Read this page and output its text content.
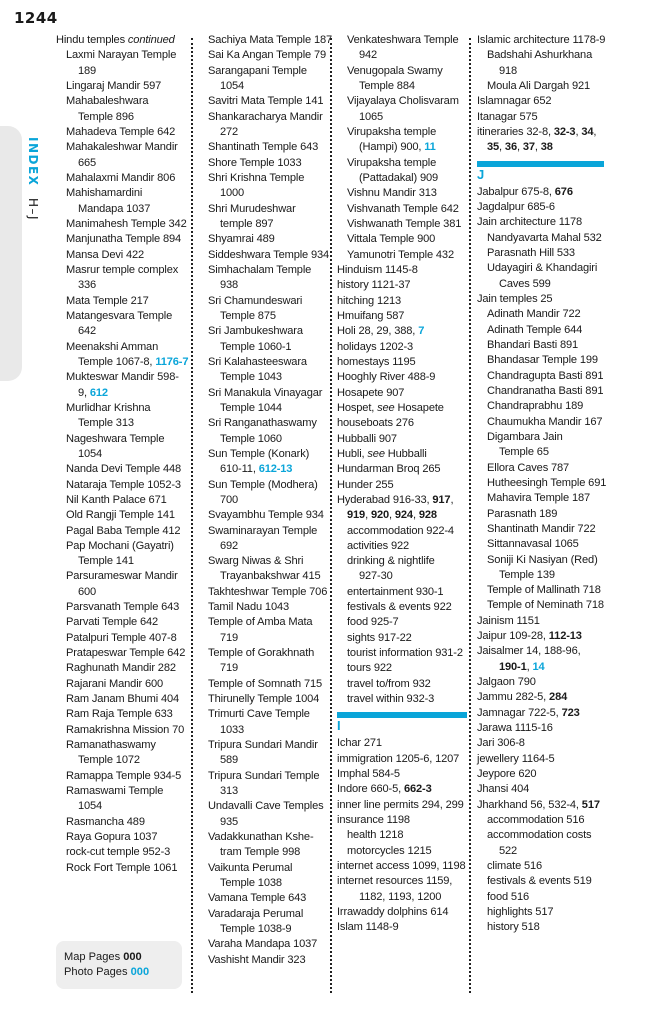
1244
INDEX H–J
Hindu temples continued
Laxmi Narayan Temple
189
Lingaraj Mandir 597
Mahabaleshwara
Temple 896
Mahadeva Temple 642
Mahakaleshwar Mandir
665
Mahalaxmi Mandir 806
Mahishamardini
Mandapa 1037
Manimahesh Temple 342
Manjunatha Temple 894
Mansa Devi 422
Masrur temple complex
336
Mata Temple 217
Matangesvara Temple
642
Meenakshi Amman
Temple 1067-8, 1176-7
Mukteswar Mandir 598-
9, 612
Murlidhar Krishna
Temple 313
Nageshwara Temple
1054
Nanda Devi Temple 448
Nataraja Temple 1052-3
Nil Kanth Palace 671
Old Rangji Temple 141
Pagal Baba Temple 412
Pap Mochani (Gayatri)
Temple 141
Parsurameswar Mandir
600
Parsvanath Temple 643
Parvati Temple 642
Patalpuri Temple 407-8
Pratapeswar Temple 642
Raghunath Mandir 282
Rajarani Mandir 600
Ram Janam Bhumi 404
Ram Raja Temple 633
Ramakrishna Mission 70
Ramanathaswamy
Temple 1072
Ramappa Temple 934-5
Ramaswami Temple
1054
Rasmancha 489
Raya Gopura 1037
rock-cut temple 952-3
Rock Fort Temple 1061
Sachiya Mata Temple 187
Sai Ka Angan Temple 79
Sarangapani Temple
1054
Savitri Mata Temple 141
Shankaracharya Mandir
272
Shantinath Temple 643
Shore Temple 1033
Shri Krishna Temple
1000
Shri Murudeshwar
temple 897
Shyamrai 489
Siddeshwara Temple 934
Simhachalam Temple
938
Sri Chamundeswari
Temple 875
Sri Jambukeshwara
Temple 1060-1
Sri Kalahasteeswara
Temple 1043
Sri Manakula Vinayagar
Temple 1044
Sri Ranganathaswamy
Temple 1060
Sun Temple (Konark)
610-11, 612-13
Sun Temple (Modhera)
700
Svayambhu Temple 934
Swaminarayan Temple
692
Swarg Niwas & Shri
Trayanbakshwar 415
Takhteshwar Temple 706
Tamil Nadu 1043
Temple of Amba Mata
719
Temple of Gorakhnath
719
Temple of Somnath 715
Thirunelly Temple 1004
Trimurti Cave Temple
1033
Tripura Sundari Mandir
589
Tripura Sundari Temple
313
Undavalli Cave Temples
935
Vadakkunathan Kshe-
tram Temple 998
Vaikunta Perumal
Temple 1038
Vamana Temple 643
Varadaraja Perumal
Temple 1038-9
Varaha Mandapa 1037
Vashisht Mandir 323
Venkateshwara Temple
942
Venugopala Swamy
Temple 884
Vijayalaya Cholisvaram
1065
Virupaksha temple
(Hampi) 900, 11
Virupaksha temple
(Pattadakal) 909
Vishnu Mandir 313
Vishvanath Temple 642
Vishwanath Temple 381
Vittala Temple 900
Yamunotri Temple 432
Hinduism 1145-8
history 1121-37
hitching 1213
Hmuifang 587
Holi 28, 29, 388, 7
holidays 1202-3
homestays 1195
Hooghly River 488-9
Hosapete 907
Hospet, see Hosapete
houseboats 276
Hubballi 907
Hubli, see Hubballi
Hundarman Broq 265
Hunder 255
Hyderabad 916-33, 917,
919, 920, 924, 928
accommodation 922-4
activities 922
drinking & nightlife
927-30
entertainment 930-1
festivals & events 922
food 925-7
sights 917-22
tourist information 931-2
tours 922
travel to/from 932
travel within 932-3
I
Ichar 271
immigration 1205-6, 1207
Imphal 584-5
Indore 660-5, 662-3
inner line permits 294, 299
insurance 1198
health 1218
motorcycles 1215
internet access 1099, 1198
internet resources 1159,
1182, 1193, 1200
Irrawaddy dolphins 614
Islam 1148-9
Islamic architecture 1178-9
Badshahi Ashurkhana
918
Moula Ali Dargah 921
Islamnagar 652
Itanagar 575
itineraries 32-8, 32-3, 34,
35, 36, 37, 38
J
Jabalpur 675-8, 676
Jagdalpur 685-6
Jain architecture 1178
Nandyavarta Mahal 532
Parasnath Hill 533
Udayagiri & Khandagiri
Caves 599
Jain temples 25
Adinath Mandir 722
Adinath Temple 644
Bhandari Basti 891
Bhandasar Temple 199
Chandragupta Basti 891
Chandranatha Basti 891
Chandraprabhu 189
Chaumukha Mandir 167
Digambara Jain
Temple 65
Ellora Caves 787
Hutheesingh Temple 691
Mahavira Temple 187
Parasnath 189
Shantinath Mandir 722
Sittannavasal 1065
Soniji Ki Nasiyan (Red)
Temple 139
Temple of Mallinath 718
Temple of Neminath 718
Jainism 1151
Jaipur 109-28, 112-13
Jaisalmer 14, 188-96,
190-1, 14
Jalgaon 790
Jammu 282-5, 284
Jamnagar 722-5, 723
Jarawa 1115-16
Jari 306-8
jewellery 1164-5
Jeypore 620
Jhansi 404
Jharkhand 56, 532-4, 517
accommodation 516
accommodation costs
522
climate 516
festivals & events 519
food 516
highlights 517
history 518
Map Pages 000
Photo Pages 000
